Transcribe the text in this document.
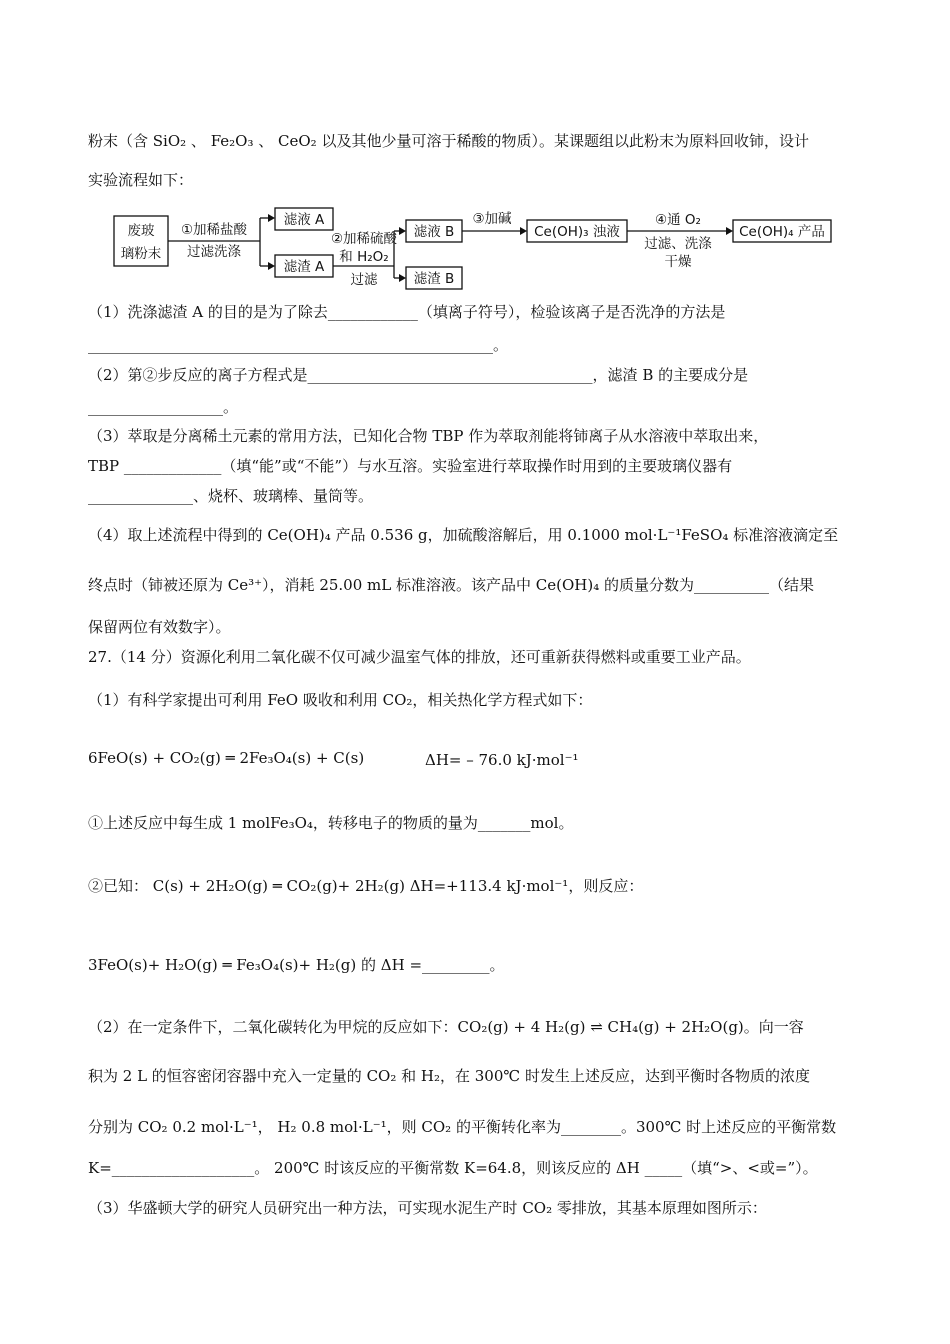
粉末（含 SiO₂ 、 Fe₂O₃ 、 CeO₂ 以及其他少量可溶于稀酸的物质）。某课题组以此粉末为原料回收铈，设计
实验流程如下：
废玻
璃粉末
①加稀盐酸
过滤洗涤
滤液 A
滤渣 A
②加稀硫酸
和 H₂O₂
过滤
滤液 B
滤渣 B
③加碱
Ce(OH)₃ 浊液
④通 O₂
过滤、洗涤
干燥
Ce(OH)₄ 产品
（1）洗涤滤渣 A 的目的是为了除去____________（填离子符号），检验该离子是否洗净的方法是
______________________________________________________。
（2）第②步反应的离子方程式是______________________________________，滤渣 B 的主要成分是
__________________。
（3）萃取是分离稀土元素的常用方法，已知化合物 TBP 作为萃取剂能将铈离子从水溶液中萃取出来，
TBP _____________（填“能”或“不能”）与水互溶。实验室进行萃取操作时用到的主要玻璃仪器有
______________、烧杯、玻璃棒、量筒等。
（4）取上述流程中得到的 Ce(OH)₄ 产品 0.536 g，加硫酸溶解后，用 0.1000 mol·L⁻¹FeSO₄ 标准溶液滴定至
终点时（铈被还原为 Ce³⁺），消耗 25.00 mL 标准溶液。该产品中 Ce(OH)₄ 的质量分数为__________（结果
保留两位有效数字）。
27.（14 分）资源化利用二氧化碳不仅可减少温室气体的排放，还可重新获得燃料或重要工业产品。
（1）有科学家提出可利用 FeO 吸收和利用 CO₂，相关热化学方程式如下：
6FeO(s) + CO₂(g) ═ 2Fe₃O₄(s) + C(s)	ΔH= – 76.0 kJ·mol⁻¹
①上述反应中每生成 1 molFe₃O₄，转移电子的物质的量为_______mol。
②已知： C(s) + 2H₂O(g) ═ CO₂(g)+ 2H₂(g) ΔH=+113.4 kJ·mol⁻¹，则反应：
3FeO(s)+ H₂O(g) ═ Fe₃O₄(s)+ H₂(g) 的 ΔH =_________。
（2）在一定条件下，二氧化碳转化为甲烷的反应如下：CO₂(g) + 4 H₂(g) ⇌ CH₄(g) + 2H₂O(g)。向一容
积为 2 L 的恒容密闭容器中充入一定量的 CO₂ 和 H₂，在 300℃ 时发生上述反应，达到平衡时各物质的浓度
分别为 CO₂ 0.2 mol·L⁻¹， H₂ 0.8 mol·L⁻¹，则 CO₂ 的平衡转化率为________。300℃ 时上述反应的平衡常数
K=___________________。 200℃ 时该反应的平衡常数 K=64.8，则该反应的 ΔH _____（填“>、<或=”）。
（3）华盛顿大学的研究人员研究出一种方法，可实现水泥生产时 CO₂ 零排放，其基本原理如图所示：
